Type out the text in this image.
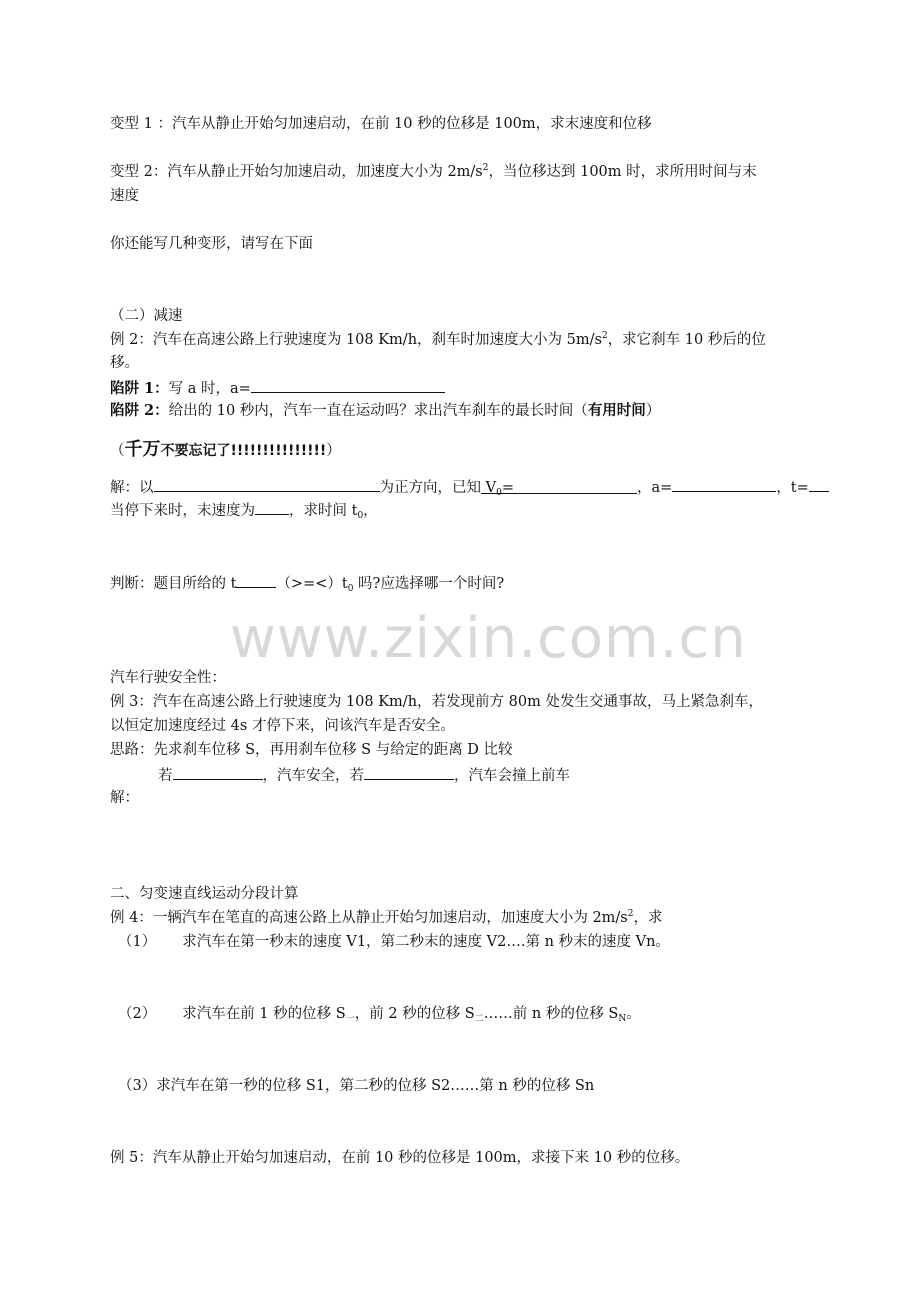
变型 1 ：汽车从静止开始匀加速启动，在前 10 秒的位移是 100m，求末速度和位移
变型 2：汽车从静止开始匀加速启动，加速度大小为 $2m/s^2$，当位移达到 100m 时，求所用时间与末
速度
你还能写几种变形，请写在下面
（二）减速
例 2：汽车在高速公路上行驶速度为 108 Km/h，刹车时加速度大小为 $5m/s^2$，求它刹车 10 秒后的位
移。
陷阱 1：写 a 时，a=
陷阱 2：给出的 10 秒内，汽车一直在运动吗？求出汽车刹车的最长时间（有用时间）
（千万不要忘记了!!!!!!!!!!!!!!!）
解：以	为正方向，已知 $V_0=$	，a=	，t=
当停下来时，末速度为 ，求时间 $t_0$，
判断：题目所给的 t	$(>=<)t_0$ 吗?应选择哪一个时间?
www.zixin.com.cn
汽车行驶安全性：
例 3：汽车在高速公路上行驶速度为 108 Km/h，若发现前方 80m 处发生交通事故，马上紧急刹车，
以恒定加速度经过 4s 才停下来，问该汽车是否安全。
思路：先求刹车位移 S，再用刹车位移 S 与给定的距离 D 比较
若	，汽车安全，若	，汽车会撞上前车
解：
二、匀变速直线运动分段计算
例 4：一辆汽车在笔直的高速公路上从静止开始匀加速启动，加速度大小为 $2m/s^2$，求
（1） 求汽车在第一秒末的速度 V1，第二秒末的速度 V2….第 n 秒末的速度 Vn。
（2） 求汽车在前 1 秒的位移 $S_一$，前 2 秒的位移 $S_二\dots\dots$前 n 秒的位移 $S_N$。
（3）求汽车在第一秒的位移 S1，第二秒的位移 S2……第 n 秒的位移 Sn
例 5：汽车从静止开始匀加速启动，在前 10 秒的位移是 100m，求接下来 10 秒的位移。
